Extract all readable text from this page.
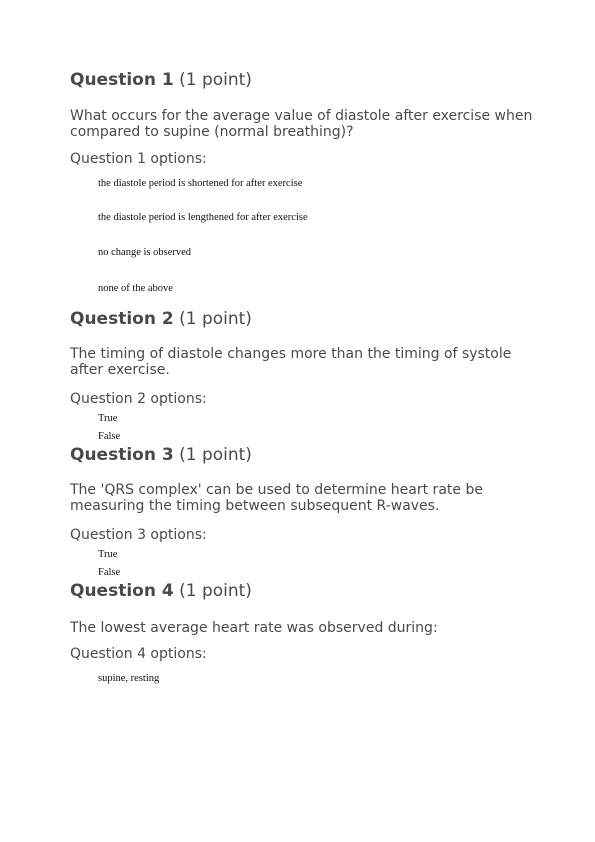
Question 1 (1 point)
What occurs for the average value of diastole after exercise when compared to supine (normal breathing)?
Question 1 options:
the diastole period is shortened for after exercise
the diastole period is lengthened for after exercise
no change is observed
none of the above
Question 2 (1 point)
The timing of diastole changes more than the timing of systole after exercise.
Question 2 options:
True
False
Question 3 (1 point)
The 'QRS complex' can be used to determine heart rate be measuring the timing between subsequent R-waves.
Question 3 options:
True
False
Question 4 (1 point)
The lowest average heart rate was observed during:
Question 4 options:
supine, resting
